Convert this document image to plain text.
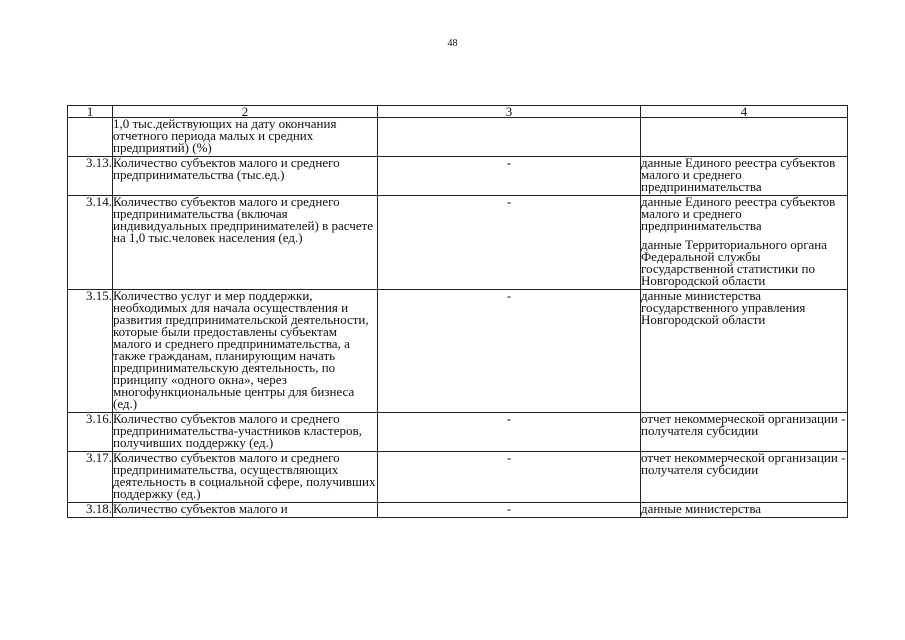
48
1	2	3	4
	1,0 тыс.действующих на дату окончания отчетного периода малых и средних предприятий) (%)		
3.13.	Количество субъектов малого и среднего предпринимательства (тыс.ед.)	-	данные Единого реестра субъектов малого и среднего предпринимательства

3.14.	Количество субъектов малого и среднего предпринимательства (включая индивидуальных предпринимателей) в расчете на 1,0 тыс.человек населения (ед.)	-	данные Единого реестра субъектов малого и среднего предпринимательства
данные Территориального органа Федеральной службы государственной статистики по Новгородской области

3.15.	Количество услуг и мер поддержки, необходимых для начала осуществления и развития предпринимательской деятельности, которые были предоставлены субъектам малого и среднего предпринимательства, а также гражданам, планирующим начать предпринимательскую деятельность, по принципу «одного окна», через многофункциональные центры для бизнеса (ед.)	-	данные министерства государственного управления Новгородской области

3.16.	Количество субъектов малого и среднего предпринимательства-участников кластеров, получивших поддержку (ед.)	-	отчет некоммерческой организации - получателя субсидии

3.17.	Количество субъектов малого и среднего предпринимательства, осуществляющих деятельность в социальной сфере, получивших поддержку (ед.)	-	отчет некоммерческой организации - получателя субсидии

3.18.	Количество субъектов малого и	-	данные министерства
